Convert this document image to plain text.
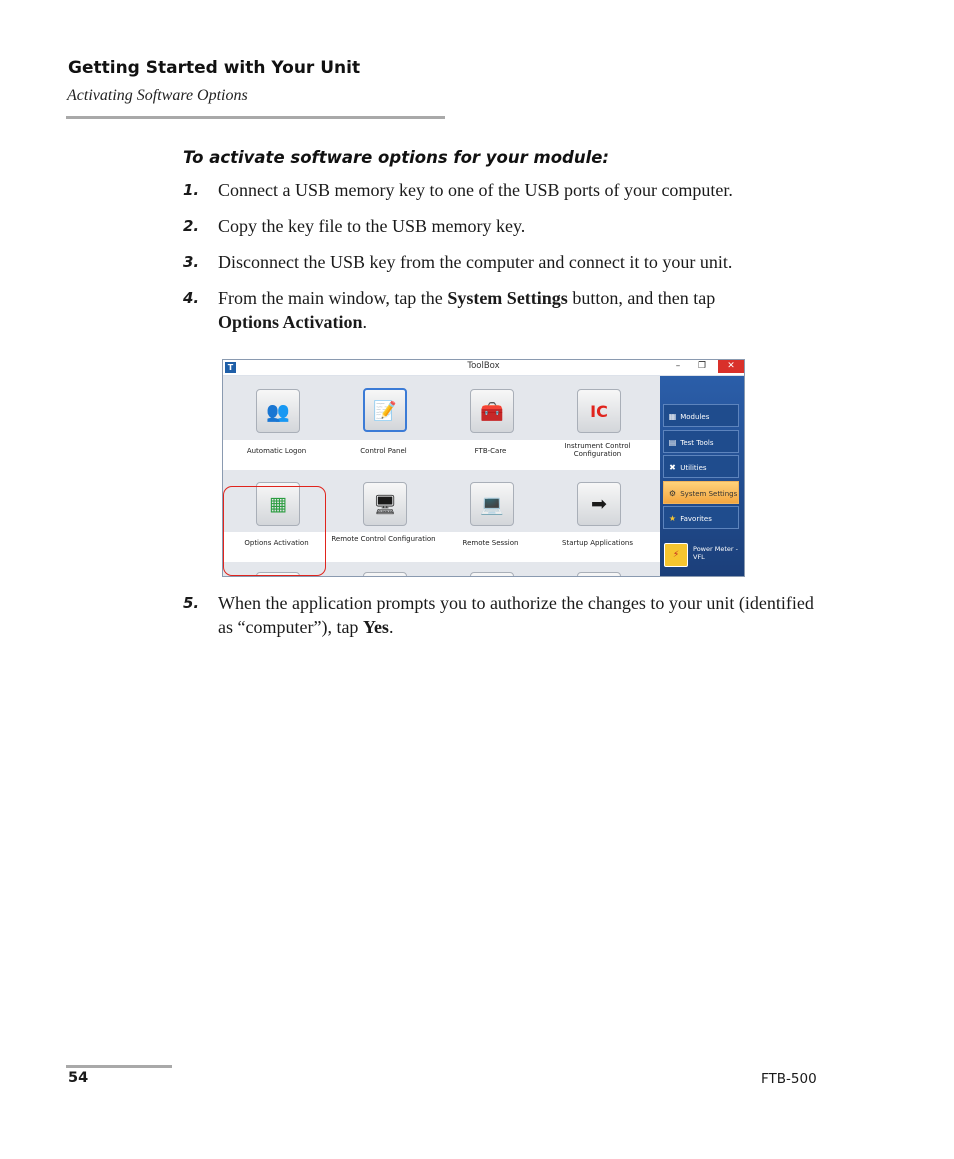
Getting Started with Your Unit
Activating Software Options
To activate software options for your module:
1. Connect a USB memory key to one of the USB ports of your computer.
2. Copy the key file to the USB memory key.
3. Disconnect the USB key from the computer and connect it to your unit.
4. From the main window, tap the System Settings button, and then tap
Options Activation.
T	ToolBox	–	❐	✕
👥
Automatic Logon
📝
Control Panel
🧰
FTB-Care
IC
Instrument Control Configuration
▦
Options Activation
🖥
Remote Control Configuration
💻
Remote Session
➡
Startup Applications
▦ Modules
▤ Test Tools
✖ Utilities
⚙ System Settings
★ Favorites
⚡
Power Meter -
VFL
5. When the application prompts you to authorize the changes to your unit (identified as “computer”), tap Yes.
54	FTB-500
